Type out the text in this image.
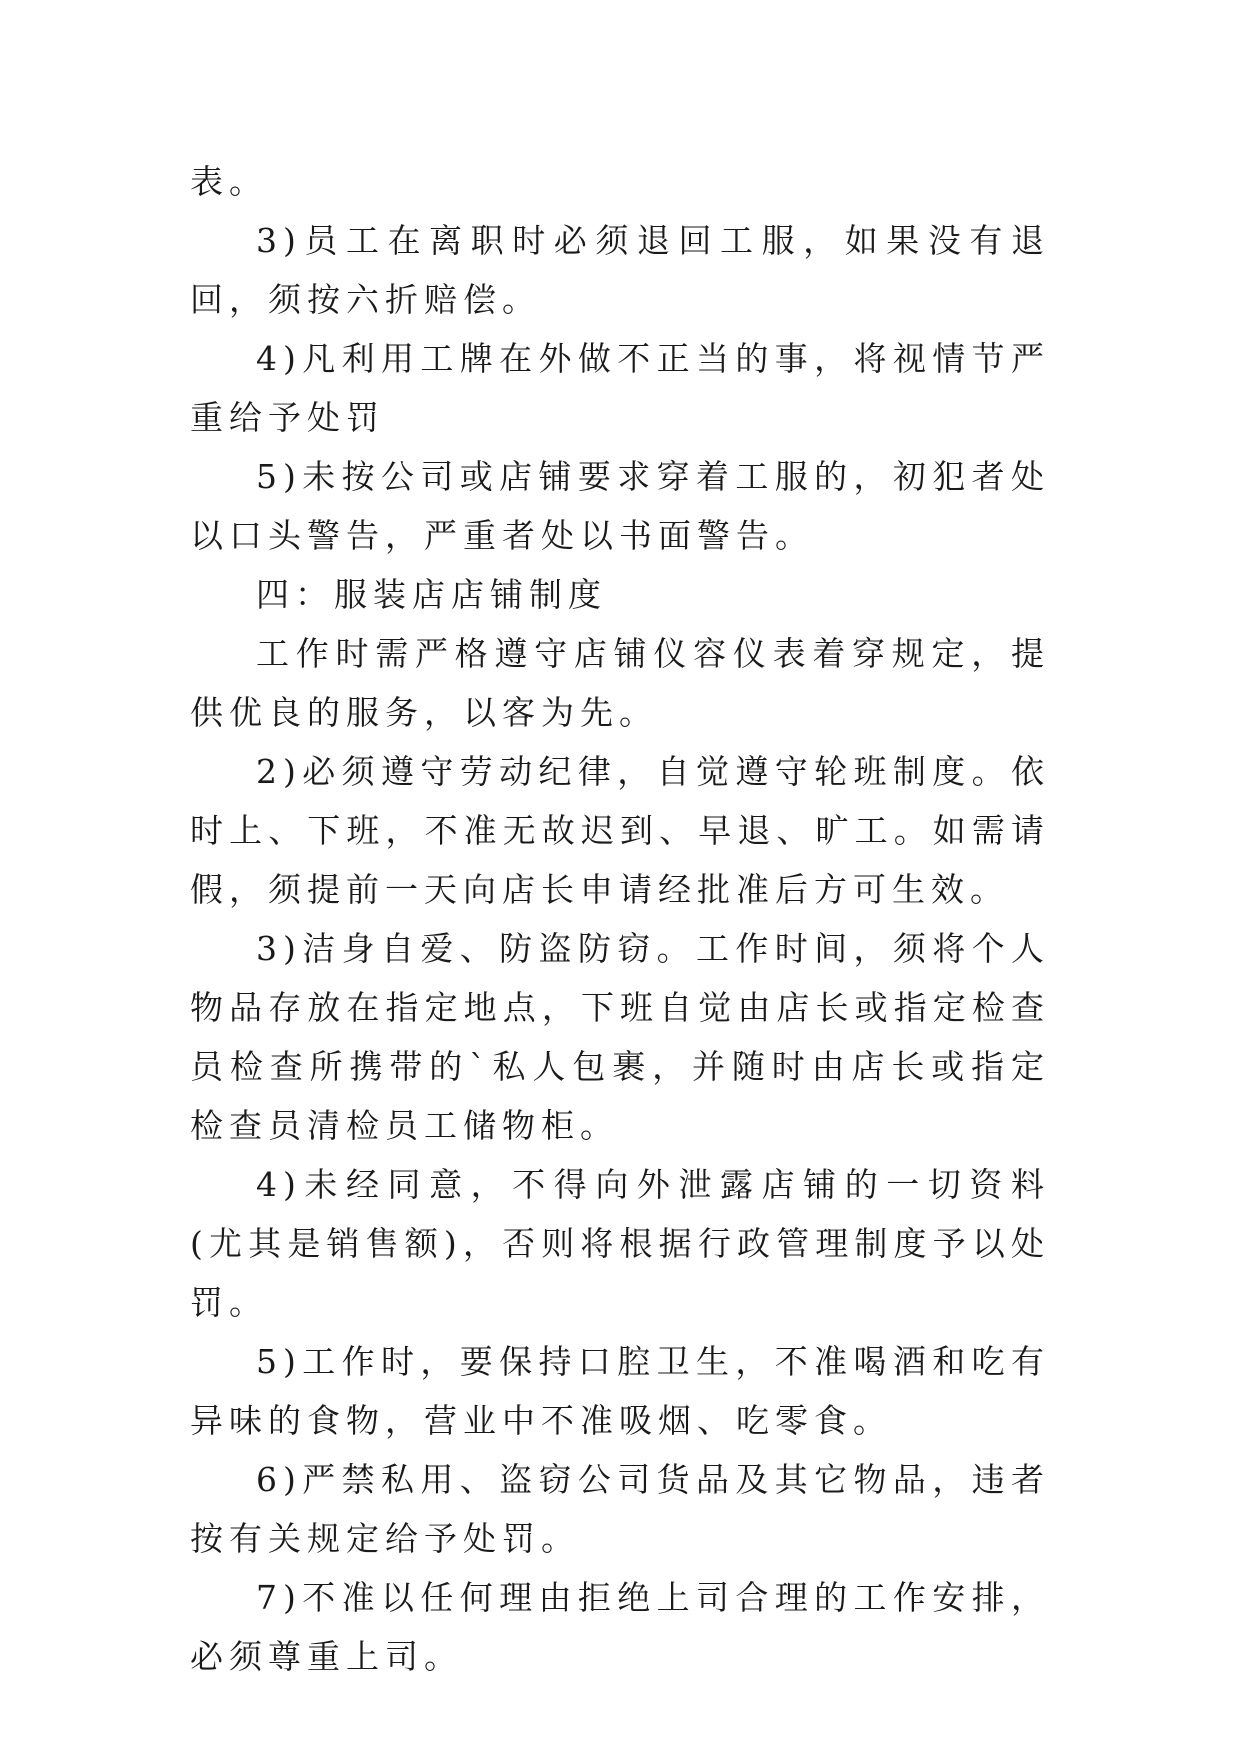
表。

3)员工在离职时必须退回工服，如果没有退回，须按六折赔偿。

4)凡利用工牌在外做不正当的事，将视情节严重给予处罚

5)未按公司或店铺要求穿着工服的，初犯者处以口头警告，严重者处以书面警告。

四：服装店店铺制度

工作时需严格遵守店铺仪容仪表着穿规定，提供优良的服务，以客为先。

2)必须遵守劳动纪律，自觉遵守轮班制度。依时上、下班，不准无故迟到、早退、旷工。如需请假，须提前一天向店长申请经批准后方可生效。

3)洁身自爱、防盗防窃。工作时间，须将个人物品存放在指定地点，下班自觉由店长或指定检查员检查所携带的`私人包裹，并随时由店长或指定检查员清检员工储物柜。

4)未经同意，不得向外泄露店铺的一切资料(尤其是销售额)，否则将根据行政管理制度予以处罚。

5)工作时，要保持口腔卫生，不准喝酒和吃有异味的食物，营业中不准吸烟、吃零食。

6)严禁私用、盗窃公司货品及其它物品，违者按有关规定给予处罚。

7)不准以任何理由拒绝上司合理的工作安排，必须尊重上司。
